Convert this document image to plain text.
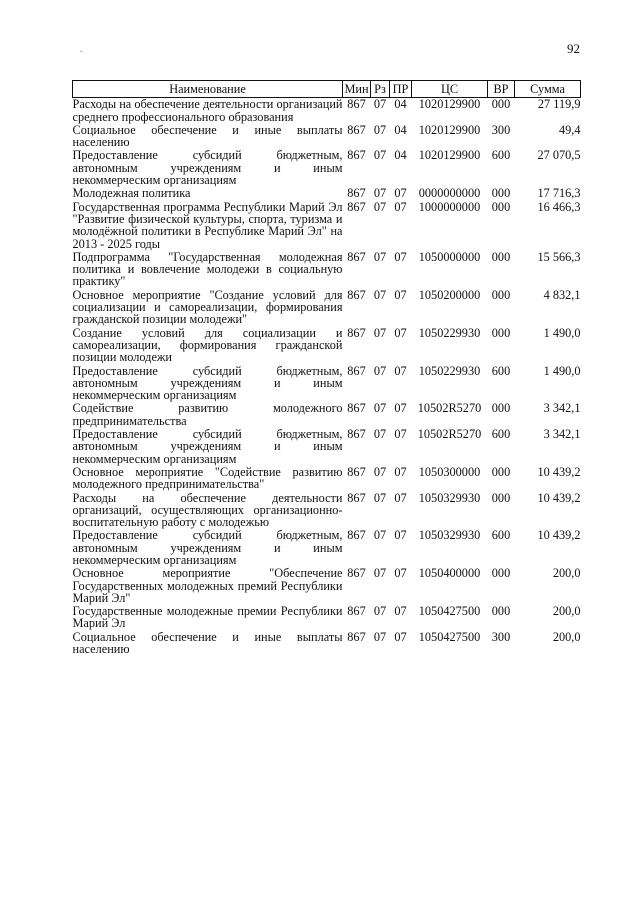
.	92
Наименование	Мин	Рз	ПР	ЦС	ВР	Сумма
Расходы на обеспечение деятельности организаций среднего профессионального образования	867	07	04	1020129900	000	27 119,9
Социальное обеспечение и иные выплаты населению	867	07	04	1020129900	300	49,4
Предоставление субсидий бюджетным, автономным учреждениям и иным некоммерческим организациям	867	07	04	1020129900	600	27 070,5
Молодежная политика	867	07	07	0000000000	000	17 716,3
Государственная программа Республики Марий Эл "Развитие физической культуры, спорта, туризма и молодёжной политики в Республике Марий Эл" на 2013 - 2025 годы	867	07	07	1000000000	000	16 466,3
Подпрограмма "Государственная молодежная политика и вовлечение молодежи в социальную практику"	867	07	07	1050000000	000	15 566,3
Основное мероприятие "Создание условий для социализации и самореализации, формирования гражданской позиции молодежи"	867	07	07	1050200000	000	4 832,1
Создание условий для социализации и самореализации, формирования гражданской позиции молодежи	867	07	07	1050229930	000	1 490,0
Предоставление субсидий бюджетным, автономным учреждениям и иным некоммерческим организациям	867	07	07	1050229930	600	1 490,0
Содействие развитию молодежного предпринимательства	867	07	07	10502R5270	000	3 342,1
Предоставление субсидий бюджетным, автономным учреждениям и иным некоммерческим организациям	867	07	07	10502R5270	600	3 342,1
Основное мероприятие "Содействие развитию молодежного предпринимательства"	867	07	07	1050300000	000	10 439,2
Расходы на обеспечение деятельности организаций, осуществляющих организационно-воспитательную работу с молодежью	867	07	07	1050329930	000	10 439,2
Предоставление субсидий бюджетным, автономным учреждениям и иным некоммерческим организациям	867	07	07	1050329930	600	10 439,2
Основное мероприятие "Обеспечение Государственных молодежных премий Республики Марий Эл"	867	07	07	1050400000	000	200,0
Государственные молодежные премии Республики Марий Эл	867	07	07	1050427500	000	200,0
Социальное обеспечение и иные выплаты населению	867	07	07	1050427500	300	200,0
